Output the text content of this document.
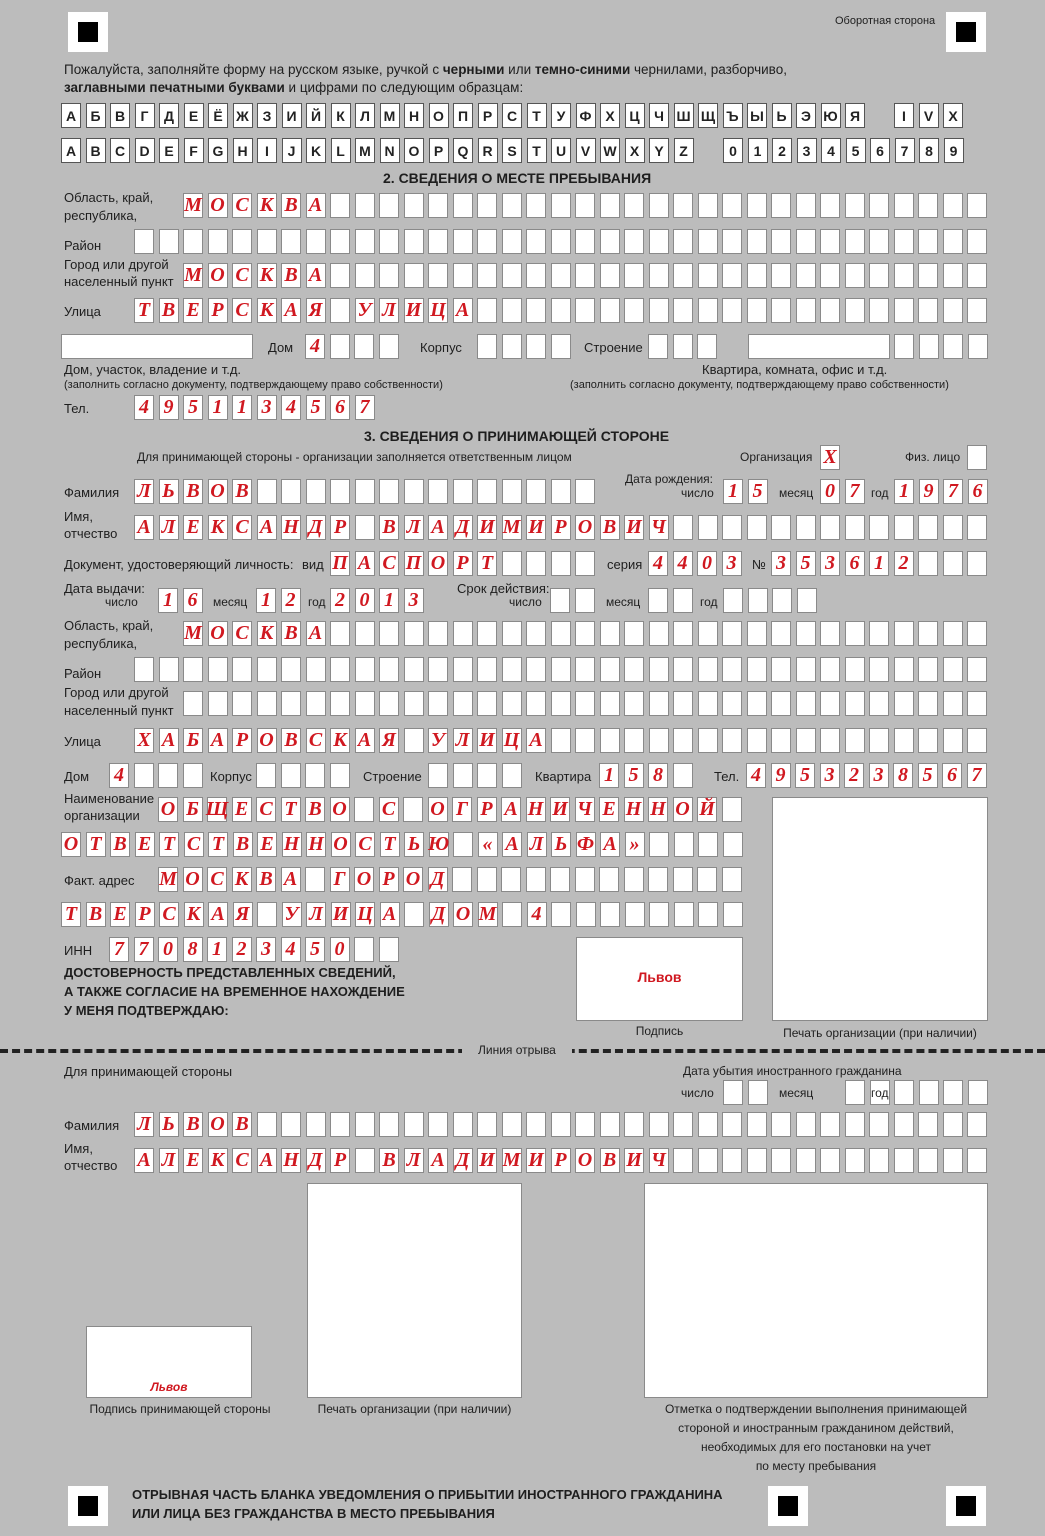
Оборотная сторона
Пожалуйста, заполняйте форму на русском языке, ручкой с черными или темно-синими чернилами, разборчиво,
заглавными печатными буквами и цифрами по следующим образцам:
А	Б	В	Г	Д	Е	Ё Ж З	И	Й	К	Л М Н О	П	Р	С	Т	У	Ф Х	Ц	Ч Ш Щ Ъ Ы Ь	Э Ю Я	I	V	X
A	B	C	D	E	F	G	H	I	J	K	L	M N O	P	Q	R	S	T	U	V W X	Y	Z	0	1	2	3	4	5	6	7	8	9
2. СВЕДЕНИЯ О МЕСТЕ ПРЕБЫВАНИЯ
Область, край,
республика, М О С К В А
Район
Город или другой
населенный пункт М О С К В А
Улица Т В Е Р С К А Я У Л И Ц А
Дом 4	Корпус	Строение
Дом, участок, владение и т.д.
(заполнить согласно документу, подтверждающему право собственности)
Квартира, комната, офис и т.д.
(заполнить согласно документу, подтверждающему право собственности)
Тел. 4 9 5 1 1 3 4 5 6 7
3. СВЕДЕНИЯ О ПРИНИМАЮЩЕЙ СТОРОНЕ
Для принимающей стороны - организации заполняется ответственным лицом	Организация Х	Физ. лицо
Фамилия Л Ь В О В
Дата рождения:
число 1 5	месяц 0 7 год 1 9 7 6
Имя,
отчество А Л Е К С А Н Д Р В Л А Д И М И Р О В И Ч
Документ, удостоверяющий личность: вид П А С П О Р Т	серия 4 4 0 3	№ 3 5 3 6 1 2
Дата выдачи:
число 1 6	месяц 1 2	год 2 0 1 3
Срок действия:
число	месяц	год
Область, край,
республика, М О С К В А
Район
Город или другой
населенный пункт
Улица Х А Б А Р О В С К А Я У Л И Ц А
Дом 4	Корпус	Строение	Квартира 1 5 8	Тел. 4 9 5 3 2 3 8 5 6 7
Наименование
организации О Б Щ Е С Т В О С О Г Р А Н И Ч Е Н Н О Й
О Т В Е Т С Т В Е Н Н О С Т Ь Ю « А Л Ь Ф А »
Факт. адрес М О С К В А Г О Р О Д
Т В Е Р С К А Я У Л И Ц А Д О М 4
ИНН 7 7 0 8 1 2 3 4 5 0
ДОСТОВЕРНОСТЬ ПРЕДСТАВЛЕННЫХ СВЕДЕНИЙ,
А ТАКЖЕ СОГЛАСИЕ НА ВРЕМЕННОЕ НАХОЖДЕНИЕ
У МЕНЯ ПОДТВЕРЖДАЮ:
Львов
Подпись	Печать организации (при наличии)
Линия отрыва
Для принимающей стороны	Дата убытия иностранного гражданина
число	месяц	год
Фамилия Л Ь В О В
Имя,
отчество А Л Е К С А Н Д Р В Л А Д И М И Р О В И Ч
Львов
Подпись принимающей стороны	Печать организации (при наличии)	Отметка о подтверждении выполнения принимающей
стороной и иностранным гражданином действий,
необходимых для его постановки на учет
по месту пребывания
ОТРЫВНАЯ ЧАСТЬ БЛАНКА УВЕДОМЛЕНИЯ О ПРИБЫТИИ ИНОСТРАННОГО ГРАЖДАНИНА
ИЛИ ЛИЦА БЕЗ ГРАЖДАНСТВА В МЕСТО ПРЕБЫВАНИЯ
